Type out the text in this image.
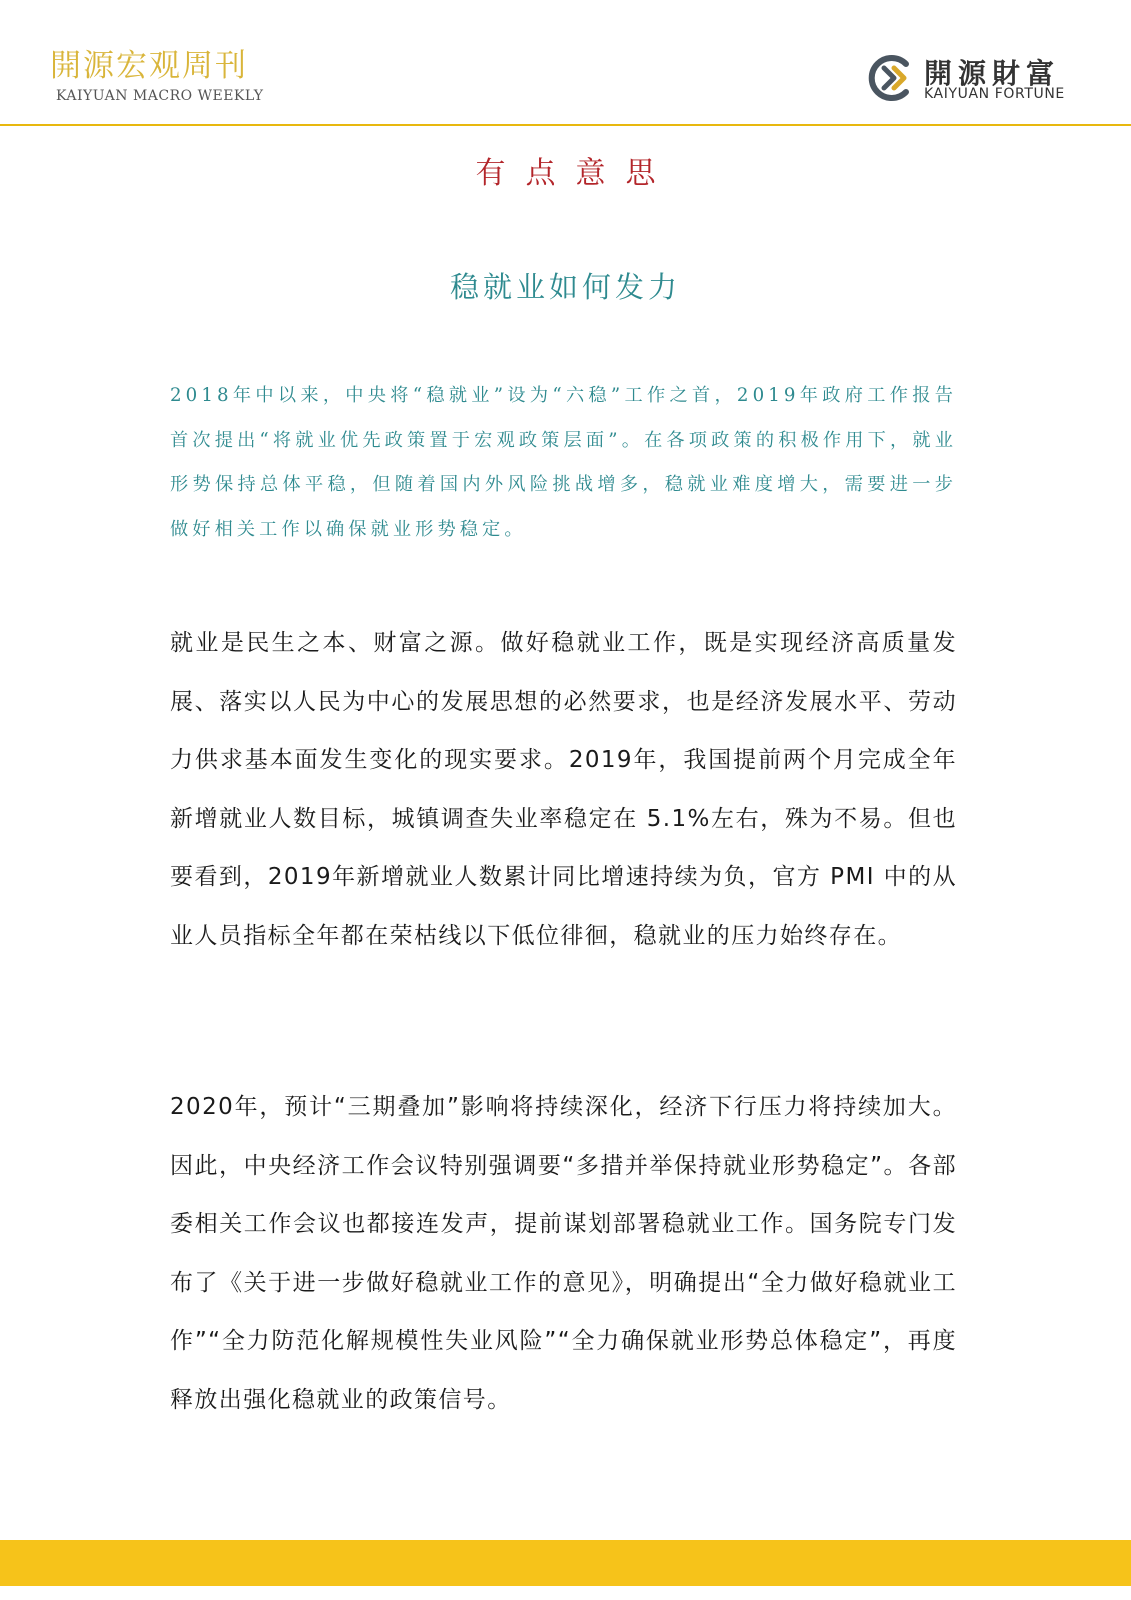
開源宏观周刊
KAIYUAN MACRO WEEKLY
開源財富
KAIYUAN FORTUNE
有点意思
稳就业如何发力
2018年中以来，中央将“稳就业”设为“六稳”工作之首，2019年政府工作报告首次提出“将就业优先政策置于宏观政策层面”。在各项政策的积极作用下，就业形势保持总体平稳，但随着国内外风险挑战增多，稳就业难度增大，需要进一步做好相关工作以确保就业形势稳定。
就业是民生之本、财富之源。做好稳就业工作，既是实现经济高质量发展、落实以人民为中心的发展思想的必然要求，也是经济发展水平、劳动力供求基本面发生变化的现实要求。2019年，我国提前两个月完成全年新增就业人数目标，城镇调查失业率稳定在 5.1%左右，殊为不易。但也要看到，2019年新增就业人数累计同比增速持续为负，官方 PMI 中的从业人员指标全年都在荣枯线以下低位徘徊，稳就业的压力始终存在。
2020年，预计“三期叠加”影响将持续深化，经济下行压力将持续加大。因此，中央经济工作会议特别强调要“多措并举保持就业形势稳定”。各部委相关工作会议也都接连发声，提前谋划部署稳就业工作。国务院专门发布了《关于进一步做好稳就业工作的意见》，明确提出“全力做好稳就业工作”“全力防范化解规模性失业风险”“全力确保就业形势总体稳定”，再度释放出强化稳就业的政策信号。
